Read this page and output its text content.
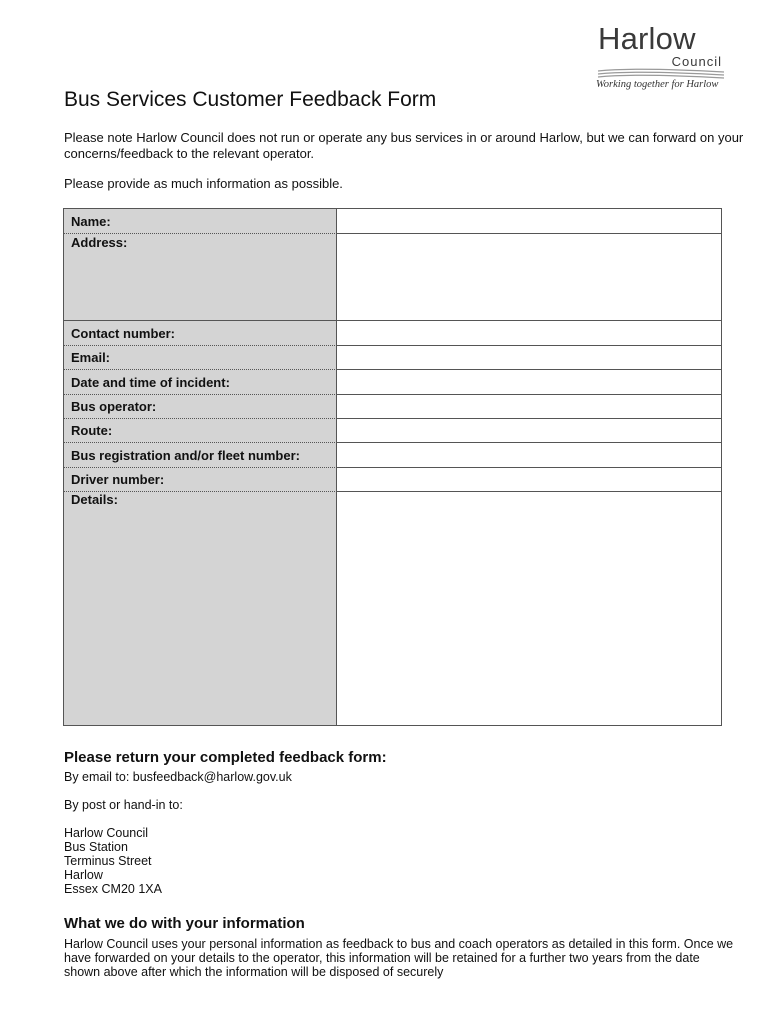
Harlow
Council
Working together for Harlow
Bus Services Customer Feedback Form

Please note Harlow Council does not run or operate any bus services in or around Harlow, but we can forward on your concerns/feedback to the relevant operator.

Please provide as much information as possible.

Name:
Address:
Contact number:
Email:
Date and time of incident:
Bus operator:
Route:
Bus registration and/or fleet number:
Driver number:
Details:
Please return your completed feedback form:

By email to: busfeedback@harlow.gov.uk

By post or hand-in to:

Harlow Council
Bus Station
Terminus Street
Harlow
Essex CM20 1XA
What we do with your information

Harlow Council uses your personal information as feedback to bus and coach operators as detailed in this form. Once we have forwarded on your details to the operator, this information will be retained for a further two years from the date shown above after which the information will be disposed of securely
